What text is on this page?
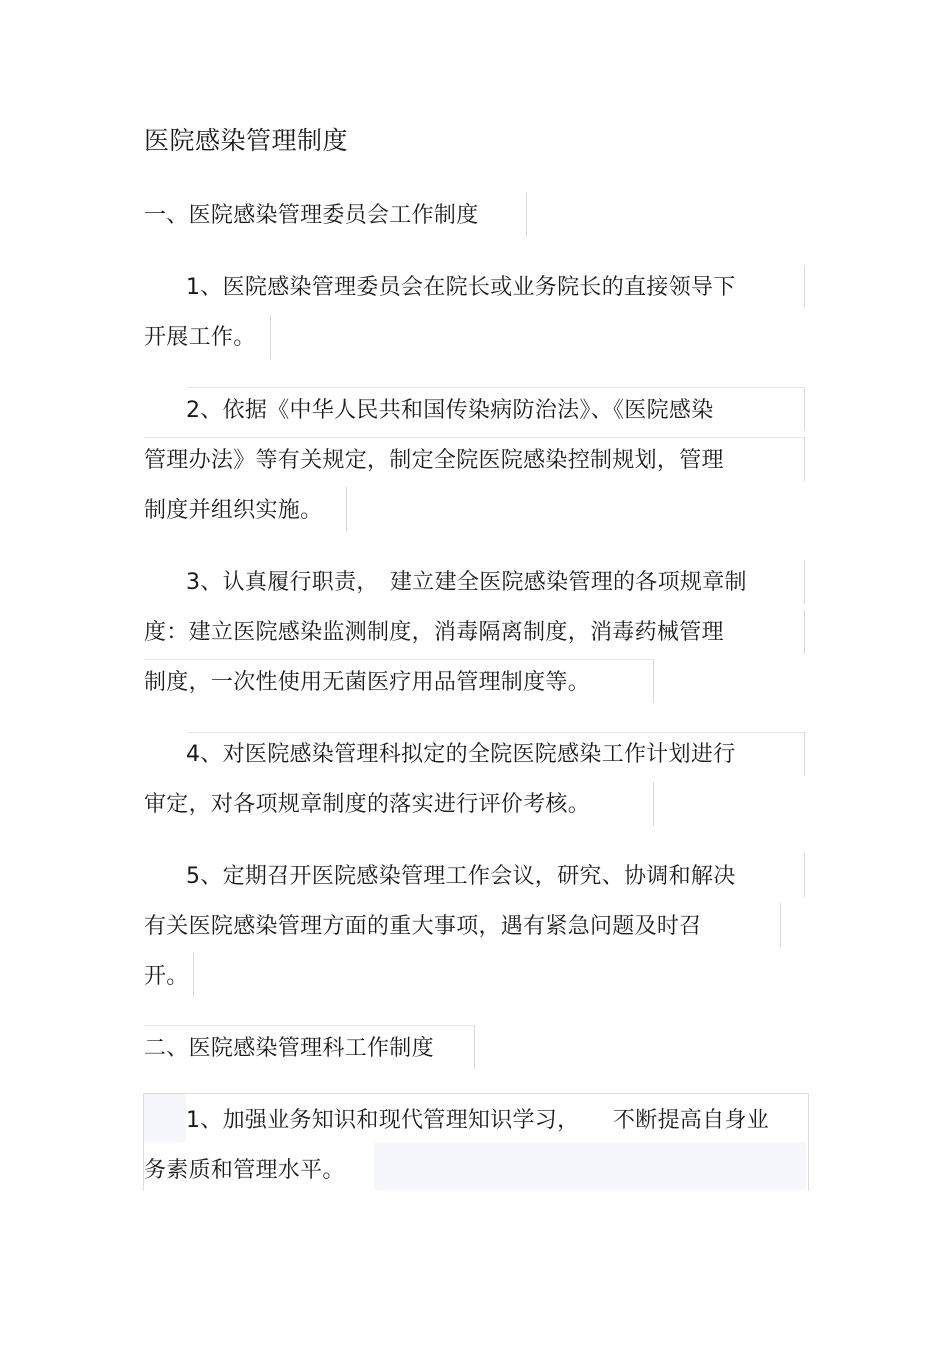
医院感染管理制度
一、医院感染管理委员会工作制度
1、医院感染管理委员会在院长或业务院长的直接领导下
开展工作。
2、依据《中华人民共和国传染病防治法》、《医院感染
管理办法》等有关规定，制定全院医院感染控制规划，管理
制度并组织实施。
3、认真履行职责，　建立建全医院感染管理的各项规章制
度：建立医院感染监测制度，消毒隔离制度，消毒药械管理
制度，一次性使用无菌医疗用品管理制度等。
4、对医院感染管理科拟定的全院医院感染工作计划进行
审定，对各项规章制度的落实进行评价考核。
5、定期召开医院感染管理工作会议，研究、协调和解决
有关医院感染管理方面的重大事项，遇有紧急问题及时召
开。
二、医院感染管理科工作制度
1、加强业务知识和现代管理知识学习，　　不断提高自身业
务素质和管理水平。
